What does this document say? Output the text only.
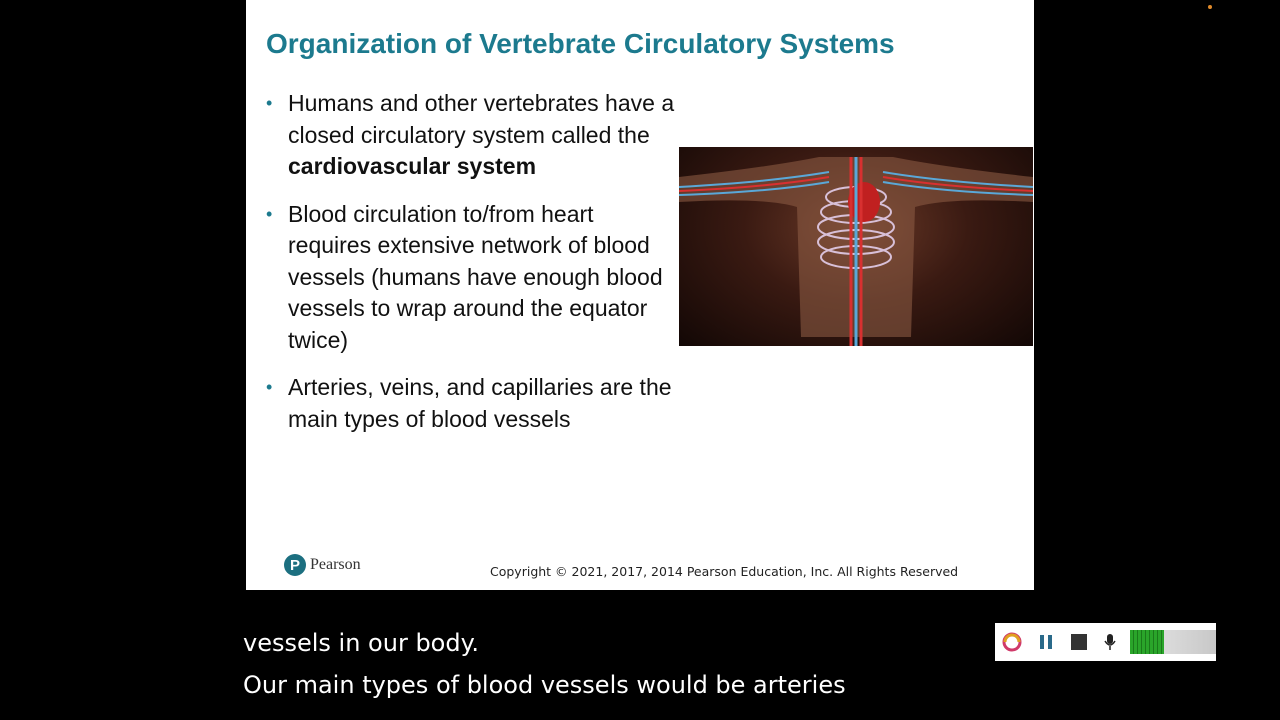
Organization of Vertebrate Circulatory Systems
• Humans and other vertebrates have a closed circulatory system called the cardiovascular system
• Blood circulation to/from heart requires extensive network of blood vessels (humans have enough blood vessels to wrap around the equator twice)
• Arteries, veins, and capillaries are the main types of blood vessels
P Pearson	Copyright © 2021, 2017, 2014 Pearson Education, Inc. All Rights Reserved
vessels in our body.
Our main types of blood vessels would be arteries
